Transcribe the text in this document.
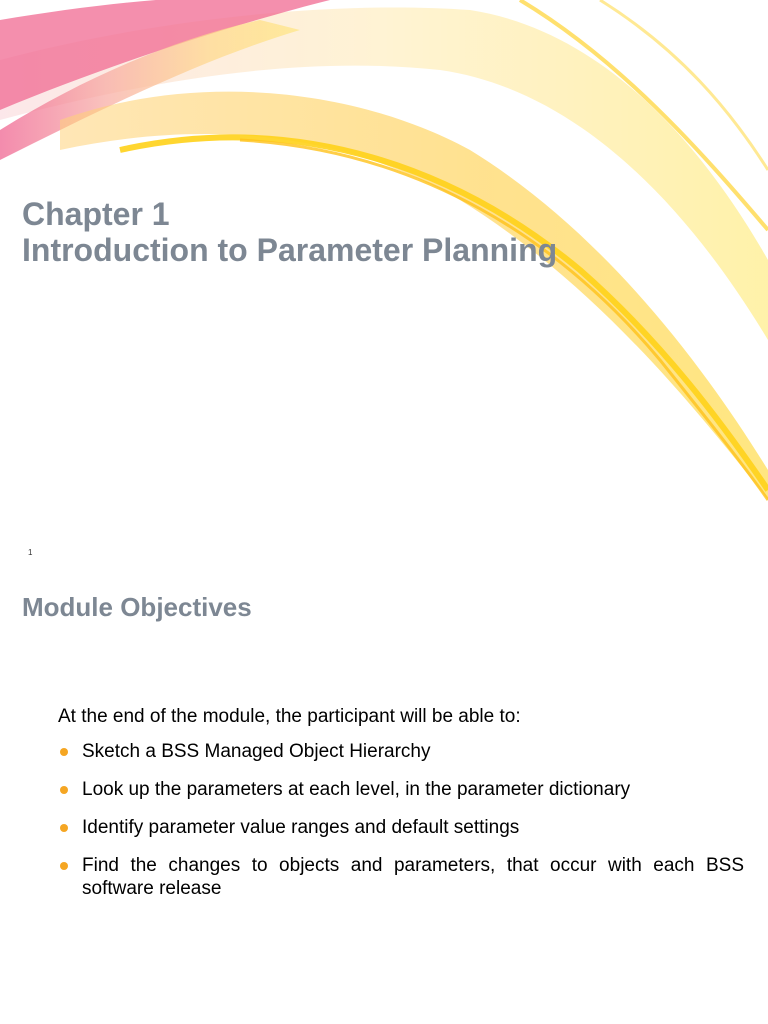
Chapter 1
Introduction to Parameter Planning
1
Module Objectives

At the end of the module, the participant will be able to:

Sketch a BSS Managed Object Hierarchy
Look up the parameters at each level, in the parameter dictionary
Identify parameter value ranges and default settings
Find the changes to objects and parameters, that occur with each BSS software release
